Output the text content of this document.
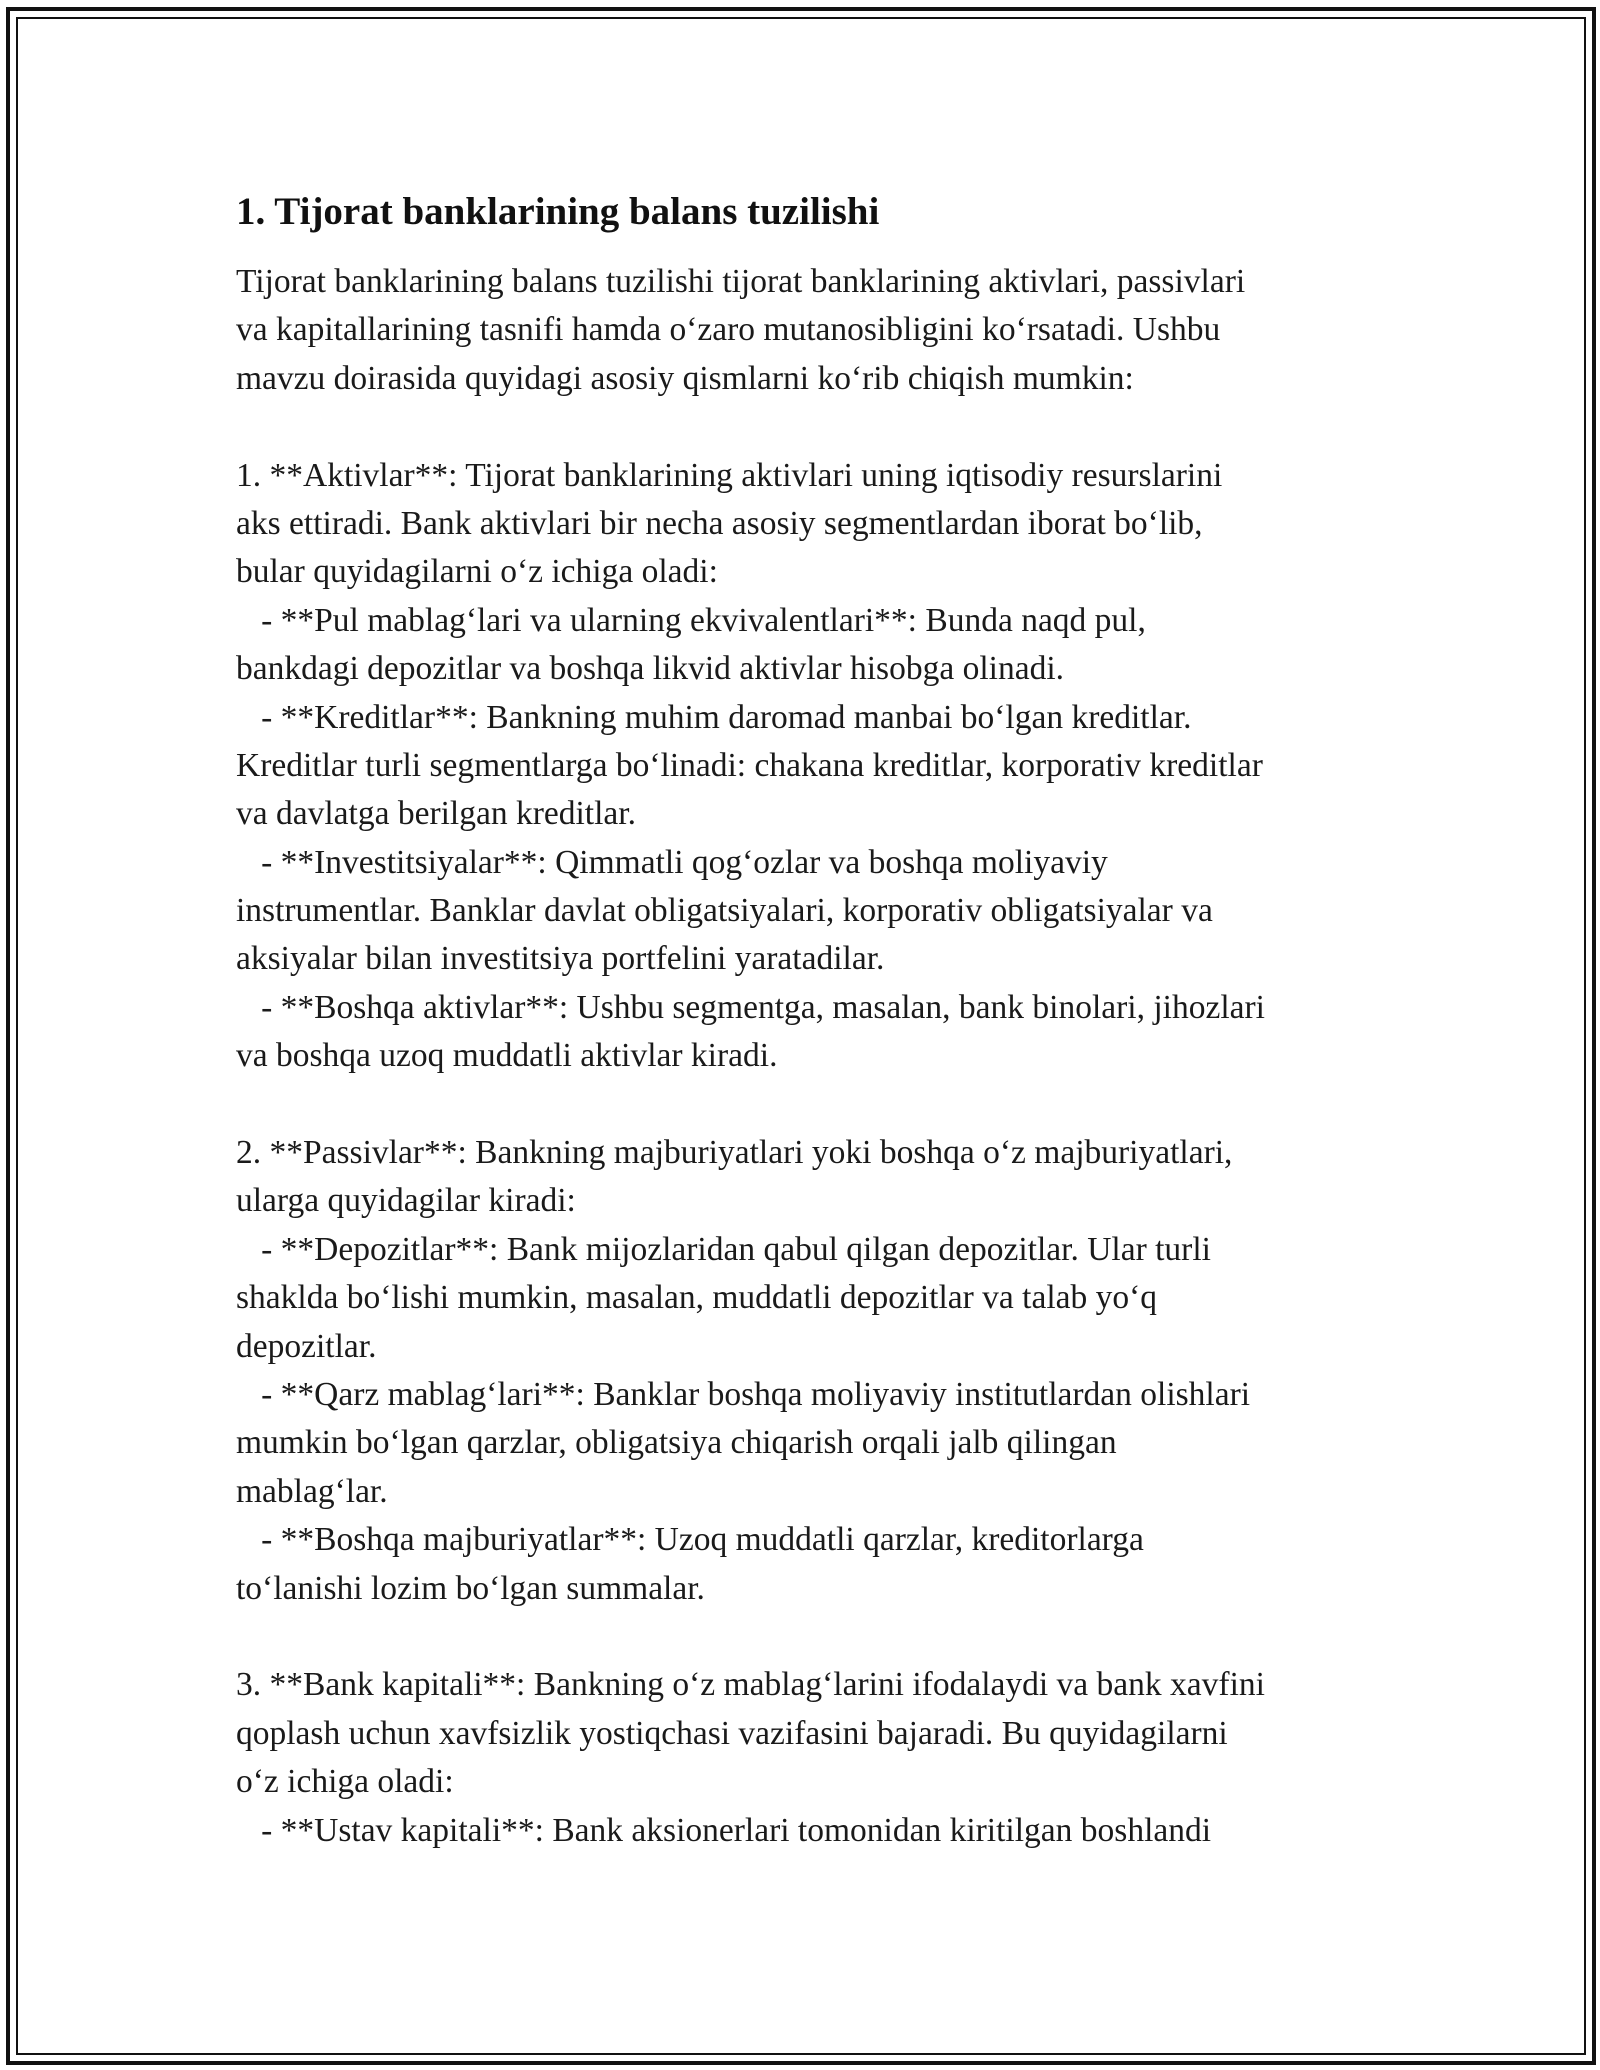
1. Tijorat banklarining balans tuzilishi
Tijorat banklarining balans tuzilishi tijorat banklarining aktivlari, passivlari
va kapitallarining tasnifi hamda o‘zaro mutanosibligini ko‘rsatadi. Ushbu
mavzu doirasida quyidagi asosiy qismlarni ko‘rib chiqish mumkin:
1. **Aktivlar**: Tijorat banklarining aktivlari uning iqtisodiy resurslarini
aks ettiradi. Bank aktivlari bir necha asosiy segmentlardan iborat bo‘lib,
bular quyidagilarni o‘z ichiga oladi:
- **Pul mablag‘lari va ularning ekvivalentlari**: Bunda naqd pul,
bankdagi depozitlar va boshqa likvid aktivlar hisobga olinadi.
- **Kreditlar**: Bankning muhim daromad manbai bo‘lgan kreditlar.
Kreditlar turli segmentlarga bo‘linadi: chakana kreditlar, korporativ kreditlar
va davlatga berilgan kreditlar.
- **Investitsiyalar**: Qimmatli qog‘ozlar va boshqa moliyaviy
instrumentlar. Banklar davlat obligatsiyalari, korporativ obligatsiyalar va
aksiyalar bilan investitsiya portfelini yaratadilar.
- **Boshqa aktivlar**: Ushbu segmentga, masalan, bank binolari, jihozlari
va boshqa uzoq muddatli aktivlar kiradi.
2. **Passivlar**: Bankning majburiyatlari yoki boshqa o‘z majburiyatlari,
ularga quyidagilar kiradi:
- **Depozitlar**: Bank mijozlaridan qabul qilgan depozitlar. Ular turli
shaklda bo‘lishi mumkin, masalan, muddatli depozitlar va talab yo‘q
depozitlar.
- **Qarz mablag‘lari**: Banklar boshqa moliyaviy institutlardan olishlari
mumkin bo‘lgan qarzlar, obligatsiya chiqarish orqali jalb qilingan
mablag‘lar.
- **Boshqa majburiyatlar**: Uzoq muddatli qarzlar, kreditorlarga
to‘lanishi lozim bo‘lgan summalar.
3. **Bank kapitali**: Bankning o‘z mablag‘larini ifodalaydi va bank xavfini
qoplash uchun xavfsizlik yostiqchasi vazifasini bajaradi. Bu quyidagilarni
o‘z ichiga oladi:
- **Ustav kapitali**: Bank aksionerlari tomonidan kiritilgan boshlandi
